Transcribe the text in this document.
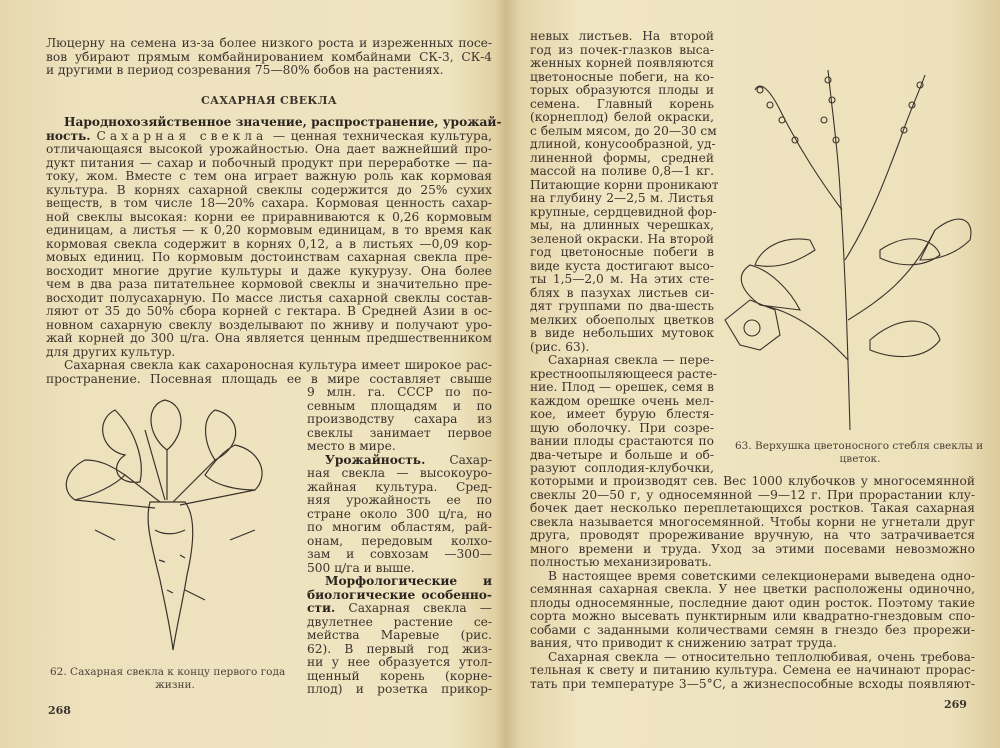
Люцерну на семена из-за более низкого роста и изреженных посе-
вов убирают прямым комбайнированием комбайнами СК-3, СК-4
и другими в период созревания 75—80% бобов на растениях.
САХАРНАЯ СВЕКЛА
Народнохозяйственное значение, распространение, урожай-
ность. Сахарная свекла — ценная техническая культура,
отличающаяся высокой урожайностью. Она дает важнейший про-
дукт питания — сахар и побочный продукт при переработке — па-
току, жом. Вместе с тем она играет важную роль как кормовая
культура. В корнях сахарной свеклы содержится до 25% сухих
веществ, в том числе 18—20% сахара. Кормовая ценность сахар-
ной свеклы высокая: корни ее приравниваются к 0,26 кормовым
единицам, а листья — к 0,20 кормовым единицам, в то время как
кормовая свекла содержит в корнях 0,12, а в листьях —0,09 кор-
мовых единиц. По кормовым достоинствам сахарная свекла пре-
восходит многие другие культуры и даже кукурузу. Она более
чем в два раза питательнее кормовой свеклы и значительно пре-
восходит полусахарную. По массе листья сахарной свеклы состав-
ляют от 35 до 50% сбора корней с гектара. В Средней Азии в ос-
новном сахарную свеклу возделывают по жниву и получают уро-
жай корней до 300 ц/га. Она является ценным предшественником
для других культур.
Сахарная свекла как сахароносная культура имеет широкое рас-
пространение. Посевная площадь ее в мире составляет свыше
9 млн. га. СССР по по-
севным площадям и по
производству сахара из
свеклы занимает первое
место в мире.
Урожайность. Сахар-
ная свекла — высокоуро-
жайная культура. Сред-
няя урожайность ее по
стране около 300 ц/га, но
по многим областям, рай-
онам, передовым колхо-
зам и совхозам —300—
500 ц/га и выше.
Морфологические и
биологические особенно-
сти. Сахарная свекла —
двулетнее растение се-
мейства Маревые (рис.
62). В первый год жиз-
ни у нее образуется утол-
щенный корень (корне-
плод) и розетка прикор-
62. Сахарная свекла к концу первого года
жизни.
268
невых листьев. На второй
год из почек-глазков выса-
женных корней появляются
цветоносные побеги, на ко-
торых образуются плоды и
семена. Главный корень
(корнеплод) белой окраски,
с белым мясом, до 20—30 см
длиной, конусообразной, уд-
линенной формы, средней
массой на поливе 0,8—1 кг.
Питающие корни проникают
на глубину 2—2,5 м. Листья
крупные, сердцевидной фор-
мы, на длинных черешках,
зеленой окраски. На второй
год цветоносные побеги в
виде куста достигают высо-
ты 1,5—2,0 м. На этих сте-
блях в пазухах листьев си-
дят группами по два-шесть
мелких обоеполых цветков
в виде небольших мутовок
(рис. 63).
Сахарная свекла — пере-
крестноопыляющееся расте-
ние. Плод — орешек, семя в
каждом орешке очень мел-
кое, имеет бурую блестя-
щую оболочку. При созре-
вании плоды срастаются по
два-четыре и больше и об-
разуют соплодия-клубочки,
63. Верхушка цветоносного стебля свеклы и
цветок.
которыми и производят сев. Вес 1000 клубочков у многосемянной
свеклы 20—50 г, у односемянной —9—12 г. При прорастании клу-
бочек дает несколько переплетающихся ростков. Такая сахарная
свекла называется многосемянной. Чтобы корни не угнетали друг
друга, проводят прореживание вручную, на что затрачивается
много времени и труда. Уход за этими посевами невозможно
полностью механизировать.
В настоящее время советскими селекционерами выведена одно-
семянная сахарная свекла. У нее цветки расположены одиночно,
плоды односемянные, последние дают один росток. Поэтому такие
сорта можно высевать пунктирным или квадратно-гнездовым спо-
собами с заданными количествами семян в гнездо без прорежи-
вания, что приводит к снижению затрат труда.
Сахарная свекла — относительно теплолюбивая, очень требова-
тельная к свету и питанию культура. Семена ее начинают прорас-
тать при температуре 3—5°С, а жизнеспособные всходы появляют-
269
